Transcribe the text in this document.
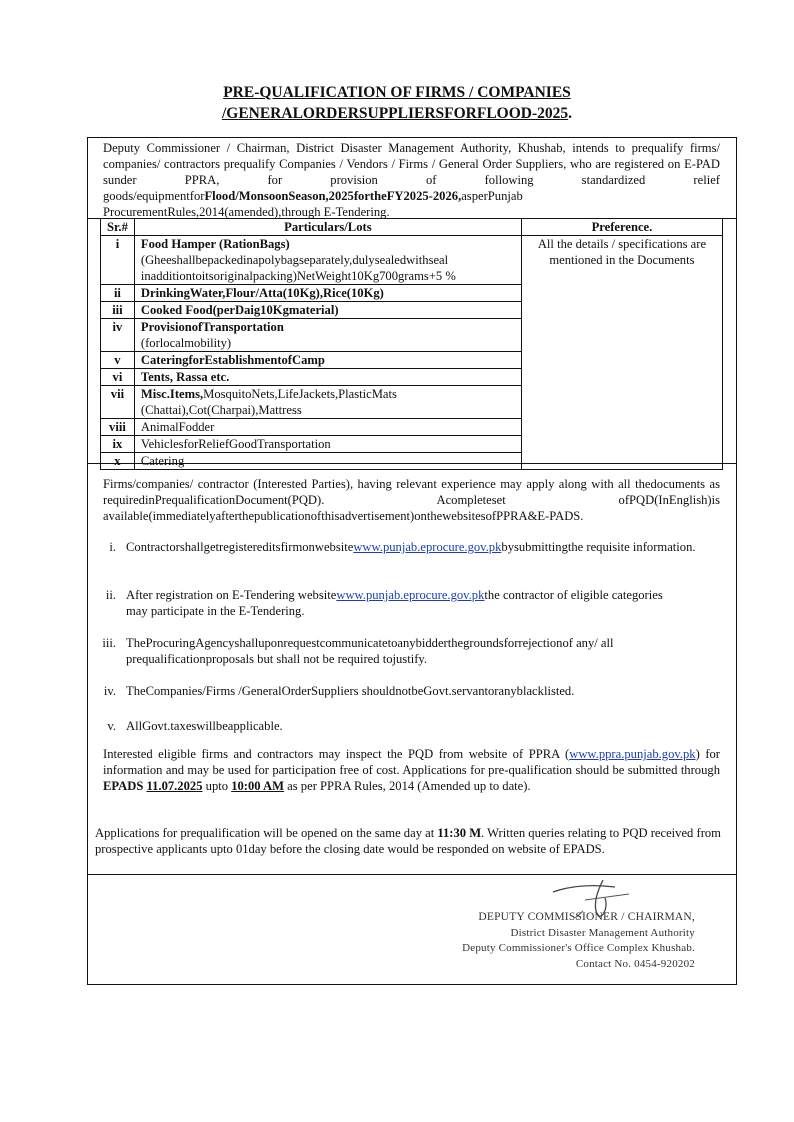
PRE-QUALIFICATION OF FIRMS / COMPANIES
/GENERALORDERSUPPLIERSFORFLOOD-2025.
Deputy Commissioner / Chairman, District Disaster Management Authority, Khushab, intends to prequalify firms/ companies/ contractors prequalify Companies / Vendors / Firms / General Order Suppliers, who are registered on E-PAD sunder PPRA, for provision of following standardized relief goods/equipmentforFlood/MonsoonSeason,2025fortheFY2025-2026,asperPunjab ProcurementRules,2014(amended),through E-Tendering.
Sr.#	Particulars/Lots	Preference.
i	Food Hamper (RationBags)
(Gheeshallbepackedinapolybagseparately,dulysealedwithseal inadditiontoitsoriginalpacking)NetWeight10Kg700grams+5 %	All the details / specifications are mentioned in the Documents
ii	DrinkingWater,Flour/Atta(10Kg),Rice(10Kg)	
iii	Cooked Food(perDaig10Kgmaterial)	
iv	ProvisionofTransportation
(forlocalmobility)	
v	CateringforEstablishmentofCamp	
vi	Tents, Rassa etc.	
vii	Misc.Items,MosquitoNets,LifeJackets,PlasticMats
(Chattai),Cot(Charpai),Mattress	
viii	AnimalFodder	
ix	VehiclesforReliefGoodTransportation	
x	Catering	
Firms/companies/ contractor (Interested Parties), having relevant experience may apply along with all thedocuments as requiredinPrequalificationDocument(PQD). Acompleteset ofPQD(InEnglish)is available(immediatelyafterthepublicationofthisadvertisement)onthewebsitesofPPRA&E-PADS.
i. Contractorshallgetregistereditsfirmonwebsitewww.punjab.eprocure.gov.pkbysubmittingthe requisite information.
ii. After registration on E-Tendering websitewww.punjab.eprocure.gov.pkthe contractor of eligible categories may participate in the E-Tendering.
iii. TheProcuringAgencyshalluponrequestcommunicatetoanybidderthegroundsforrejectionof any/ all prequalificationproposals but shall not be required tojustify.
iv. TheCompanies/Firms /GeneralOrderSuppliers shouldnotbeGovt.servantoranyblacklisted.
v. AllGovt.taxeswillbeapplicable.
Interested eligible firms and contractors may inspect the PQD from website of PPRA (www.ppra.punjab.gov.pk) for information and may be used for participation free of cost. Applications for pre-qualification should be submitted through EPADS 11.07.2025 upto 10:00 AM as per PPRA Rules, 2014 (Amended up to date).
Applications for prequalification will be opened on the same day at 11:30 M. Written queries relating to PQD received from prospective applicants upto 01day before the closing date would be responded on website of EPADS.
DEPUTY COMMISSIONER / CHAIRMAN,
District Disaster Management Authority
Deputy Commissioner's Office Complex Khushab.
Contact No. 0454-920202
